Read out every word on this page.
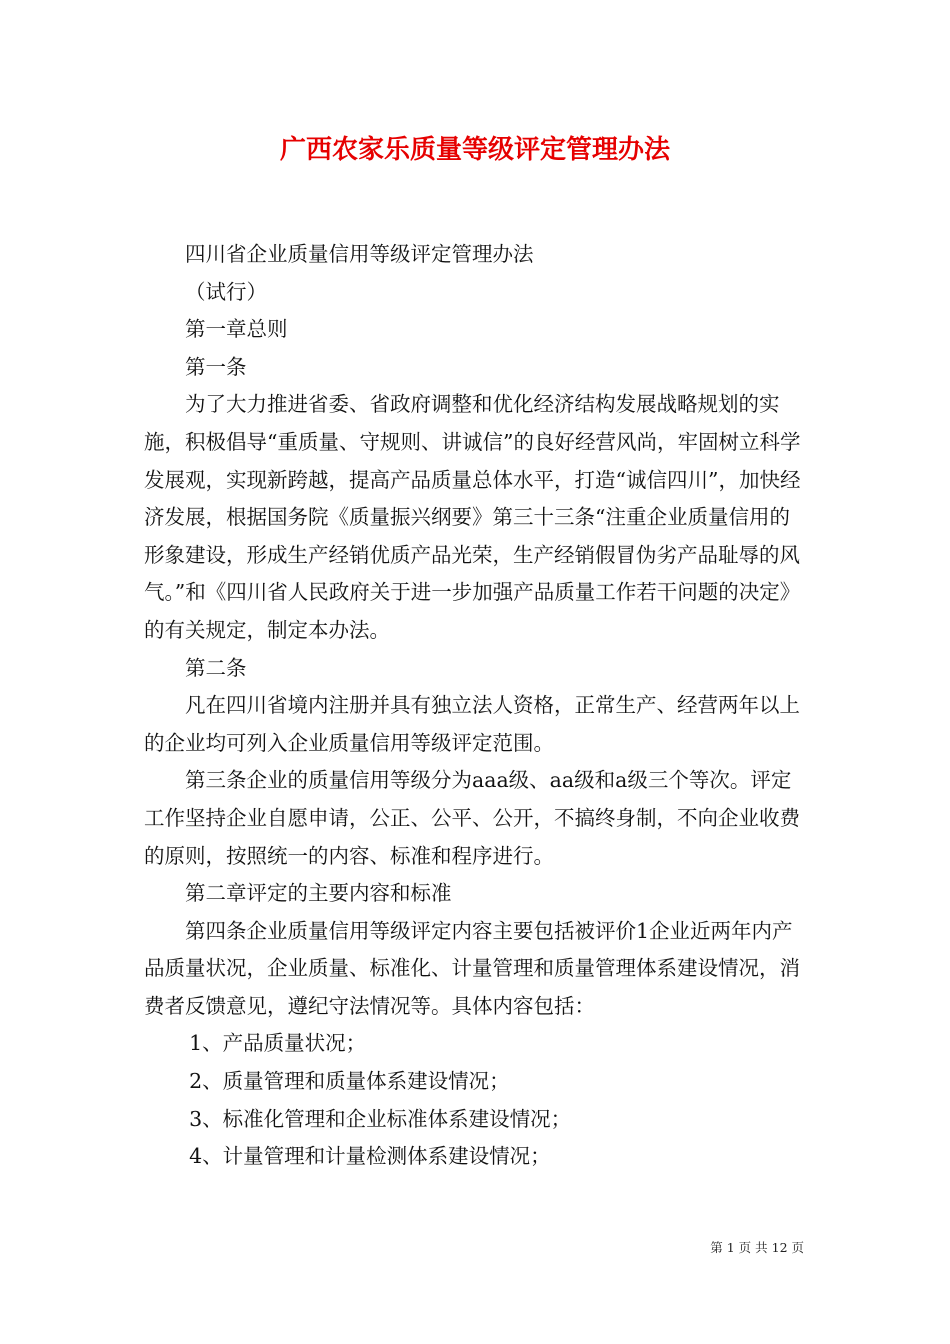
广西农家乐质量等级评定管理办法

四川省企业质量信用等级评定管理办法

（试行）

第一章总则

第一条

为了大力推进省委、省政府调整和优化经济结构发展战略规划的实施，积极倡导“重质量、守规则、讲诚信”的良好经营风尚，牢固树立科学发展观，实现新跨越，提高产品质量总体水平，打造“诚信四川”，加快经济发展，根据国务院《质量振兴纲要》第三十三条“注重企业质量信用的形象建设，形成生产经销优质产品光荣，生产经销假冒伪劣产品耻辱的风气。”和《四川省人民政府关于进一步加强产品质量工作若干问题的决定》的有关规定，制定本办法。

第二条

凡在四川省境内注册并具有独立法人资格，正常生产、经营两年以上的企业均可列入企业质量信用等级评定范围。

第三条企业的质量信用等级分为aaa级、aa级和a级三个等次。评定工作坚持企业自愿申请，公正、公平、公开，不搞终身制，不向企业收费的原则，按照统一的内容、标准和程序进行。

第二章评定的主要内容和标准

第四条企业质量信用等级评定内容主要包括被评价1企业近两年内产品质量状况，企业质量、标准化、计量管理和质量管理体系建设情况，消费者反馈意见，遵纪守法情况等。具体内容包括：

1、产品质量状况；

2、质量管理和质量体系建设情况；

3、标准化管理和企业标准体系建设情况；

4、计量管理和计量检测体系建设情况；

第 1 页 共 12 页
